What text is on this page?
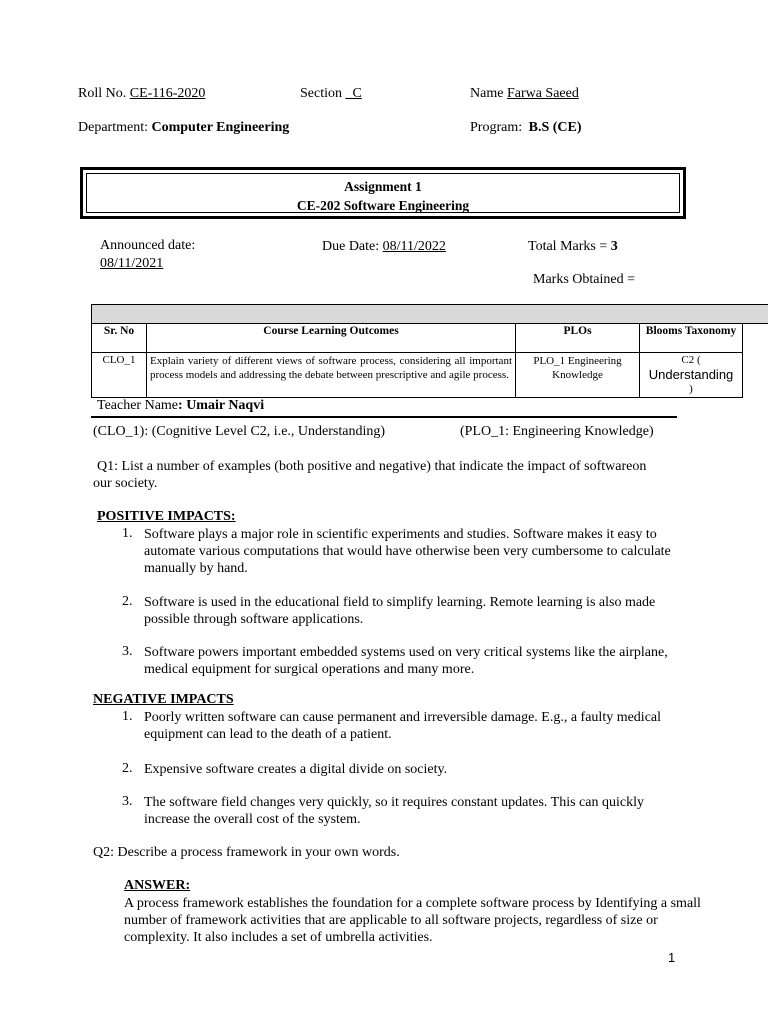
Roll No. CE-116-2020	Section _C	Name Farwa Saeed
Department: Computer Engineering	Program: B.S (CE)
Assignment 1
CE-202 Software Engineering
Announced date:
08/11/2021
Due Date: 08/11/2022	Total Marks = 3
Marks Obtained =
Sr. No	Course Learning Outcomes	PLOs	Blooms Taxonomy
CLO_1	Explain variety of different views of software process, considering all important process models and addressing the debate between prescriptive and agile process.	PLO_1 Engineering Knowledge	C2 (
Understanding
)
Teacher Name: Umair Naqvi
(CLO_1): (Cognitive Level C2, i.e., Understanding)	(PLO_1: Engineering Knowledge)
Q1: List a number of examples (both positive and negative) that indicate the impact of softwareon our society.
POSITIVE IMPACTS:
1. Software plays a major role in scientific experiments and studies. Software makes it easy to automate various computations that would have otherwise been very cumbersome to calculate manually by hand.
2. Software is used in the educational field to simplify learning. Remote learning is also made possible through software applications.
3. Software powers important embedded systems used on very critical systems like the airplane, medical equipment for surgical operations and many more.
NEGATIVE IMPACTS
1. Poorly written software can cause permanent and irreversible damage. E.g., a faulty medical equipment can lead to the death of a patient.
2. Expensive software creates a digital divide on society.
3. The software field changes very quickly, so it requires constant updates. This can quickly increase the overall cost of the system.
Q2: Describe a process framework in your own words.
ANSWER:
A process framework establishes the foundation for a complete software process by Identifying a small number of framework activities that are applicable to all software projects, regardless of size or complexity. It also includes a set of umbrella activities.
1
